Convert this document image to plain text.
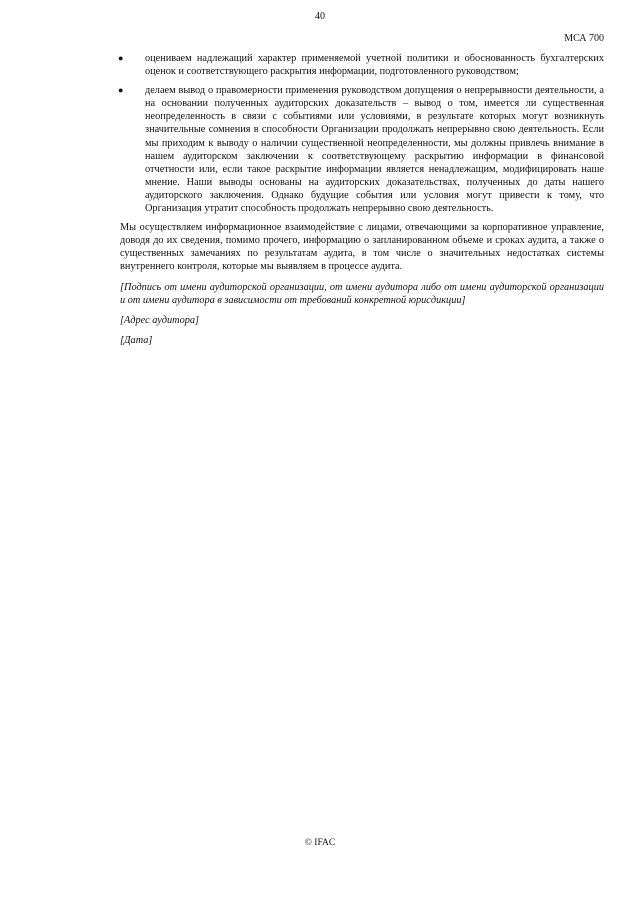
40
МСА 700
● оцениваем надлежащий характер применяемой учетной политики и обоснованность бухгалтерских оценок и соответствующего раскрытия информации, подготовленного руководством;
● делаем вывод о правомерности применения руководством допущения о непрерывности деятельности, а на основании полученных аудиторских доказательств – вывод о том, имеется ли существенная неопределенность в связи с событиями или условиями, в результате которых могут возникнуть значительные сомнения в способности Организации продолжать непрерывно свою деятельность. Если мы приходим к выводу о наличии существенной неопределенности, мы должны привлечь внимание в нашем аудиторском заключении к соответствующему раскрытию информации в финансовой отчетности или, если такое раскрытие информации является ненадлежащим, модифицировать наше мнение. Наши выводы основаны на аудиторских доказательствах, полученных до даты нашего аудиторского заключения. Однако будущие события или условия могут привести к тому, что Организация утратит способность продолжать непрерывно свою деятельность.

Мы осуществляем информационное взаимодействие с лицами, отвечающими за корпоративное управление, доводя до их сведения, помимо прочего, информацию о запланированном объеме и сроках аудита, а также о существенных замечаниях по результатам аудита, в том числе о значительных недостатках системы внутреннего контроля, которые мы выявляем в процессе аудита.

[Подпись от имени аудиторской организации, от имени аудитора либо от имени аудиторской организации и от имени аудитора в зависимости от требований конкретной юрисдикции]

[Адрес аудитора]

[Дата]

© IFAC
